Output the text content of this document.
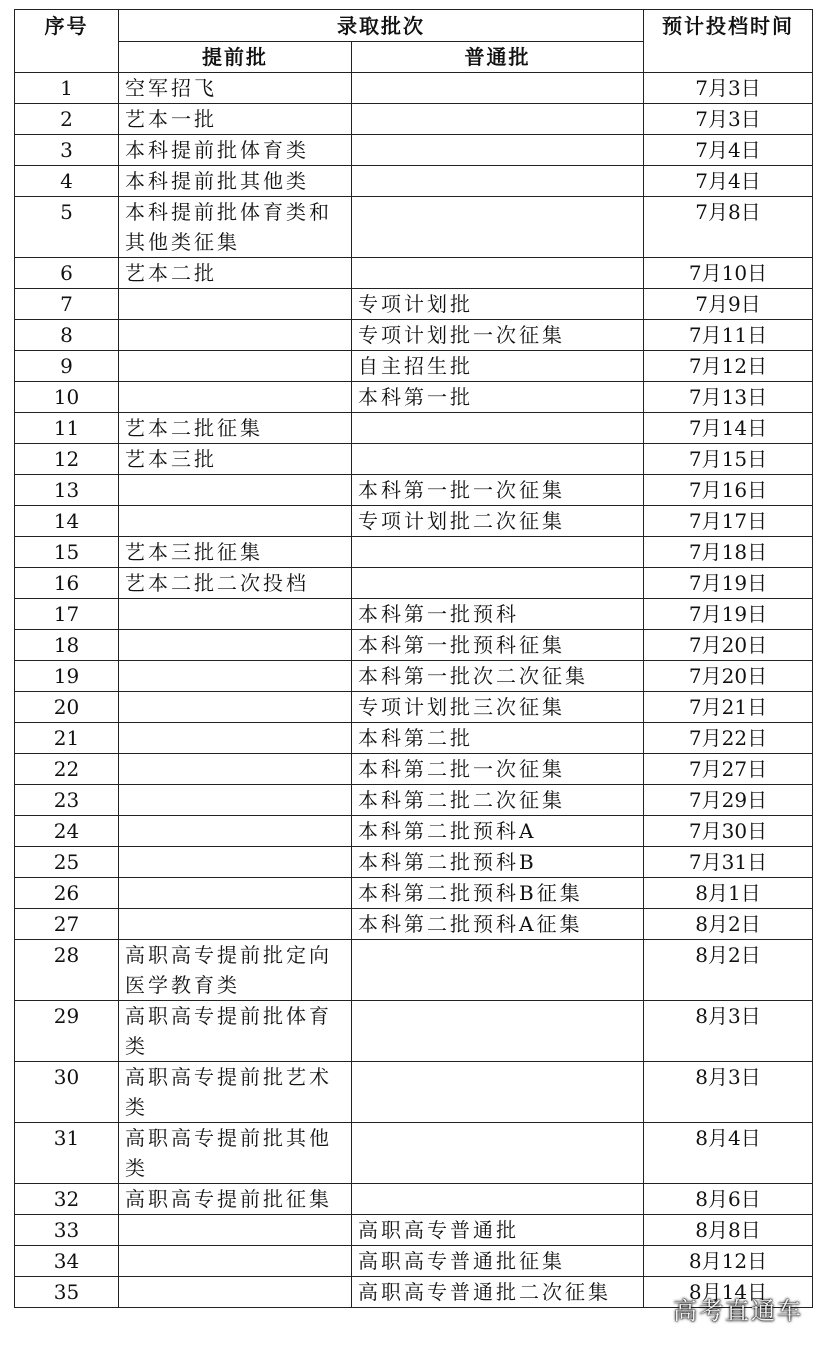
序号	录取批次		预计投档时间
	提前批	普通批	
1	空军招飞		7月3日
2	艺本一批		7月3日
3	本科提前批体育类		7月4日
4	本科提前批其他类		7月4日
5	本科提前批体育类和其他类征集		7月8日
6	艺本二批		7月10日
7		专项计划批	7月9日
8		专项计划批一次征集	7月11日
9		自主招生批	7月12日
10		本科第一批	7月13日
11	艺本二批征集		7月14日
12	艺本三批		7月15日
13		本科第一批一次征集	7月16日
14		专项计划批二次征集	7月17日
15	艺本三批征集		7月18日
16	艺本二批二次投档		7月19日
17		本科第一批预科	7月19日
18		本科第一批预科征集	7月20日
19		本科第一批次二次征集	7月20日
20		专项计划批三次征集	7月21日
21		本科第二批	7月22日
22		本科第二批一次征集	7月27日
23		本科第二批二次征集	7月29日
24		本科第二批预科A	7月30日
25		本科第二批预科B	7月31日
26		本科第二批预科B征集	8月1日
27		本科第二批预科A征集	8月2日
28	高职高专提前批定向医学教育类		8月2日
29	高职高专提前批体育类		8月3日
30	高职高专提前批艺术类		8月3日
31	高职高专提前批其他类		8月4日
32	高职高专提前批征集		8月6日
33		高职高专普通批	8月8日
34		高职高专普通批征集	8月12日
35		高职高专普通批二次征集	8月14日
高考直通车
